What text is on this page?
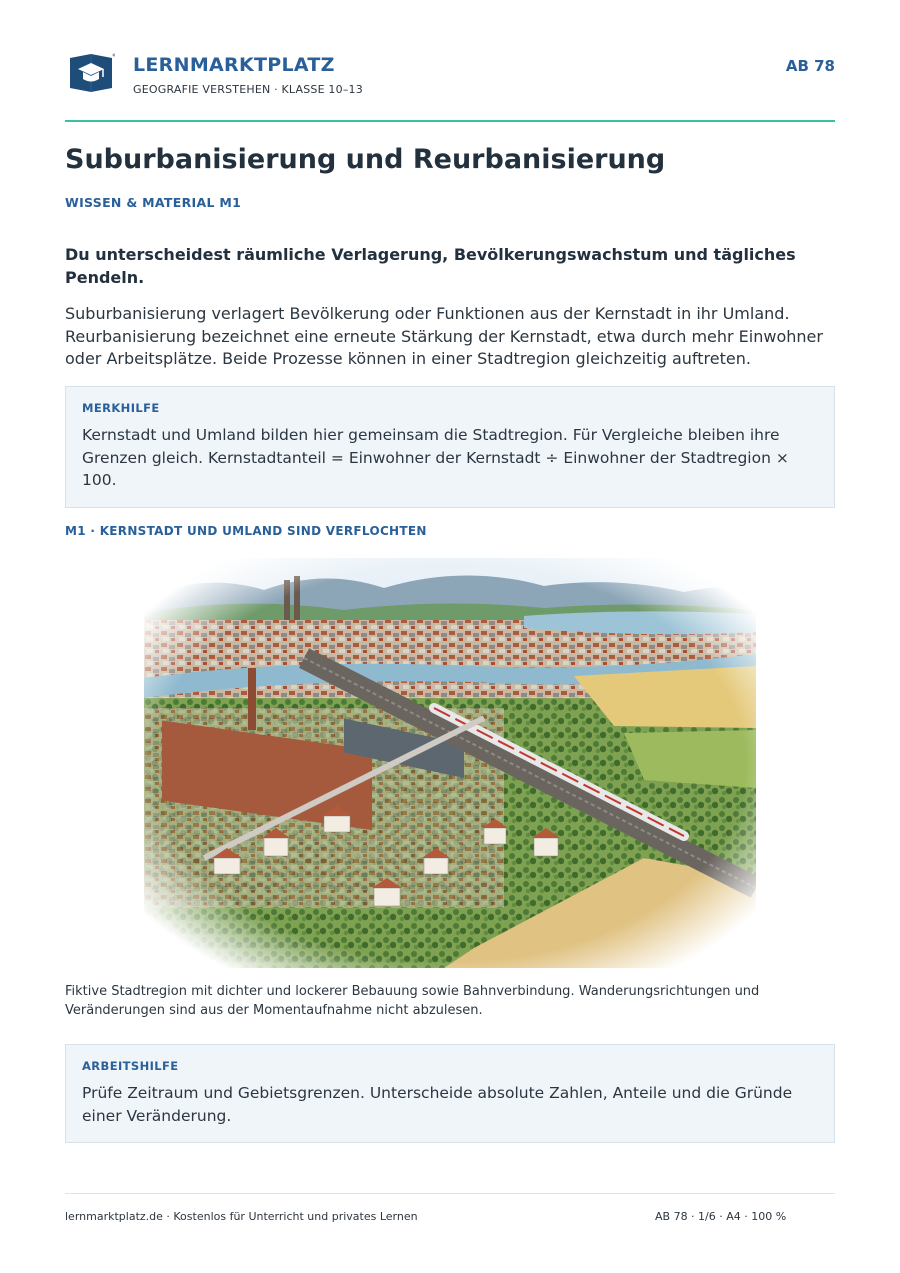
LERNMARKTPLATZ
GEOGRAFIE VERSTEHEN · KLASSE 10–13
AB 78
Suburbanisierung und Reurbanisierung
WISSEN & MATERIAL M1

Du unterscheidest räumliche Verlagerung, Bevölkerungswachstum und tägliches Pendeln.

Suburbanisierung verlagert Bevölkerung oder Funktionen aus der Kernstadt in ihr Umland. Reurbanisierung bezeichnet eine erneute Stärkung der Kernstadt, etwa durch mehr Einwohner oder Arbeitsplätze. Beide Prozesse können in einer Stadtregion gleichzeitig auftreten.

MERKHILFE
Kernstadt und Umland bilden hier gemeinsam die Stadtregion. Für Vergleiche bleiben ihre Grenzen gleich. Kernstadtanteil = Einwohner der Kernstadt ÷ Einwohner der Stadtregion × 100.
M1 · KERNSTADT UND UMLAND SIND VERFLOCHTEN

Fiktive Stadtregion mit dichter und lockerer Bebauung sowie Bahnverbindung. Wanderungsrichtungen und Veränderungen sind aus der Momentaufnahme nicht abzulesen.

ARBEITSHILFE
Prüfe Zeitraum und Gebietsgrenzen. Unterscheide absolute Zahlen, Anteile und die Gründe einer Veränderung.
lernmarktplatz.de · Kostenlos für Unterricht und privates Lernen	AB 78 · 1/6 · A4 · 100 %
